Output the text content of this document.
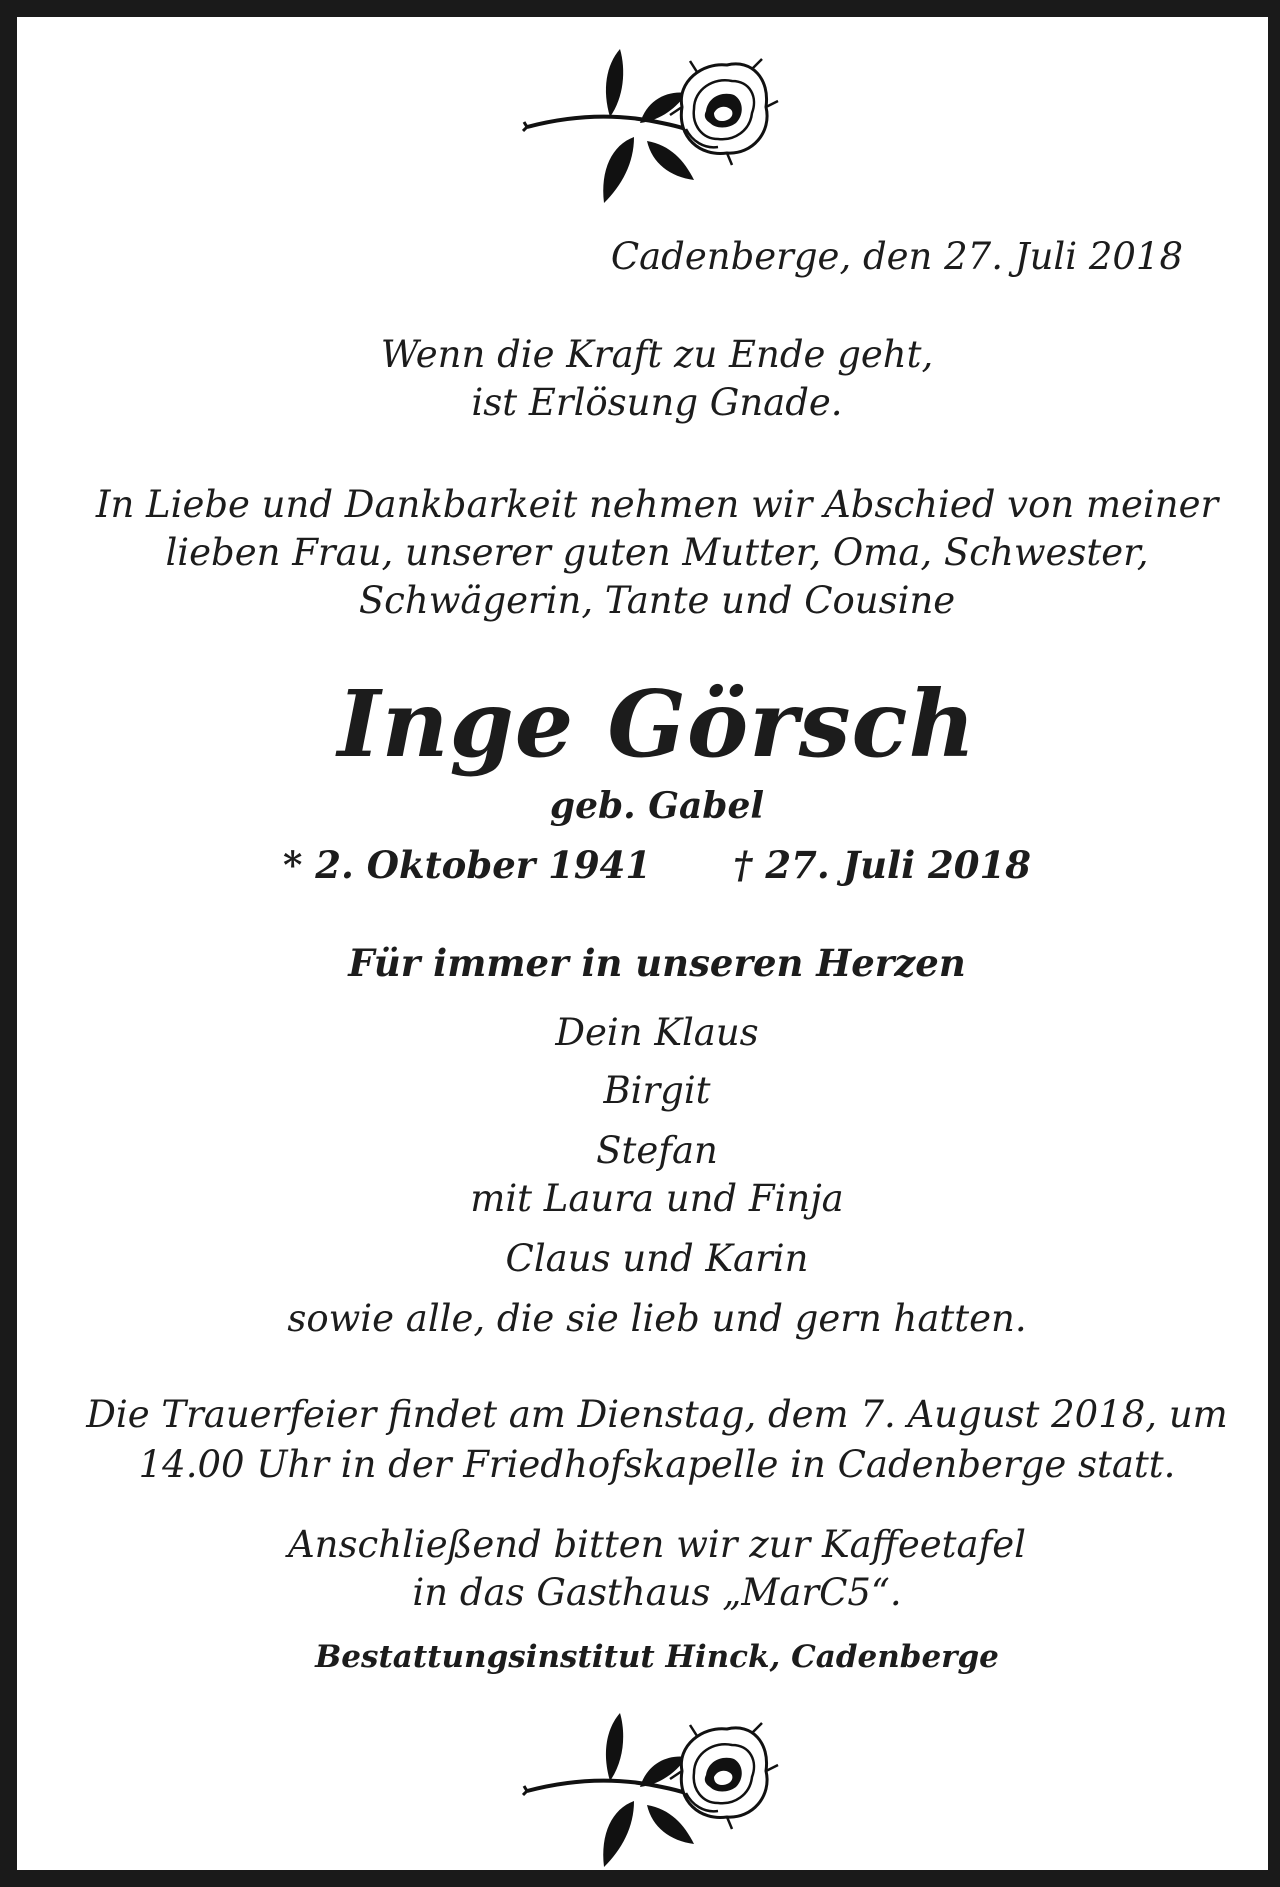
Cadenberge, den 27. Juli 2018

Wenn die Kraft zu Ende geht,

ist Erlösung Gnade.

In Liebe und Dankbarkeit nehmen wir Abschied von meiner

lieben Frau, unserer guten Mutter, Oma, Schwester,

Schwägerin, Tante und Cousine

Inge Görsch

geb. Gabel

* 2. Oktober 1941 † 27. Juli 2018

Für immer in unseren Herzen

Dein Klaus

Birgit

Stefan

mit Laura und Finja

Claus und Karin

sowie alle, die sie lieb und gern hatten.

Die Trauerfeier findet am Dienstag, dem 7. August 2018, um

14.00 Uhr in der Friedhofskapelle in Cadenberge statt.

Anschließend bitten wir zur Kaffeetafel

in das Gasthaus „MarC5“.

Bestattungsinstitut Hinck, Cadenberge
